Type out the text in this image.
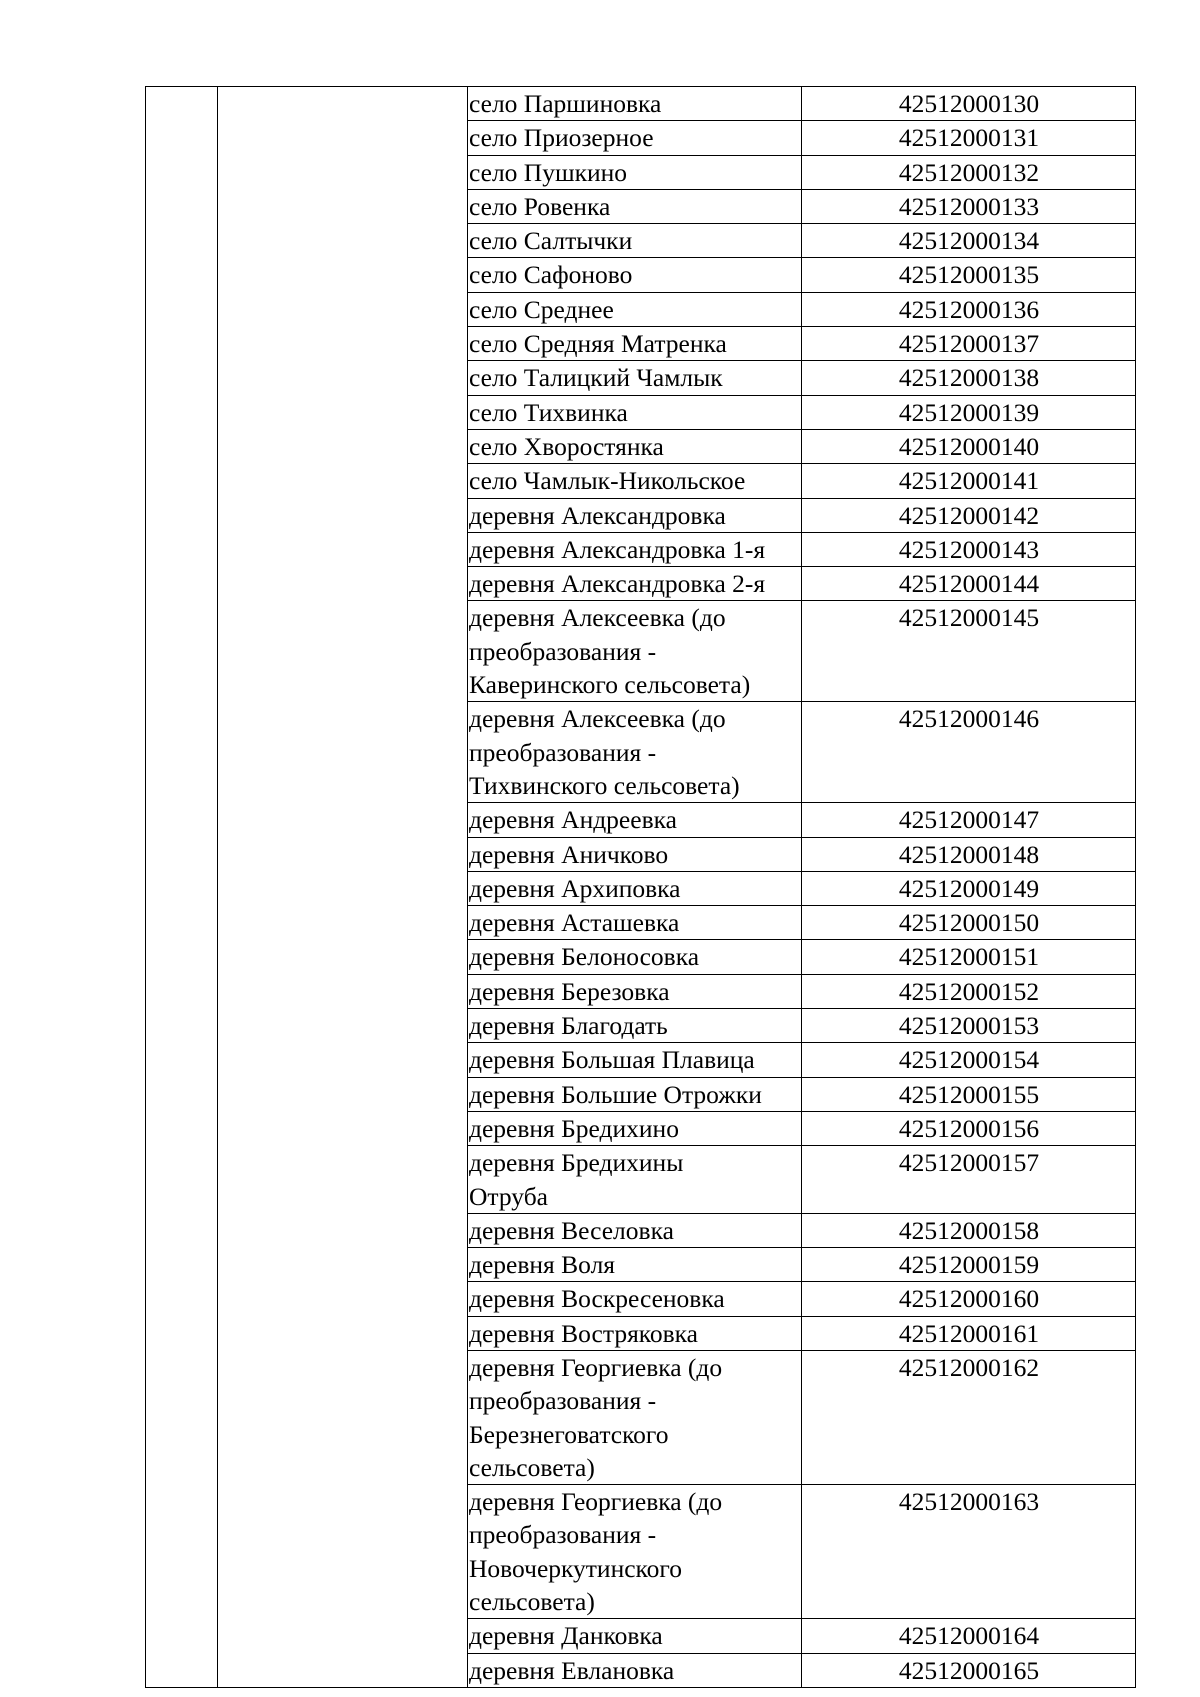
		село Паршиновка	42512000130
		село Приозерное	42512000131
		село Пушкино	42512000132
		село Ровенка	42512000133
		село Салтычки	42512000134
		село Сафоново	42512000135
		село Среднее	42512000136
		село Средняя Матренка	42512000137
		село Талицкий Чамлык	42512000138
		село Тихвинка	42512000139
		село Хворостянка	42512000140
		село Чамлык-Никольское	42512000141
		деревня Александровка	42512000142
		деревня Александровка 1-я	42512000143
		деревня Александровка 2-я	42512000144
		деревня Алексеевка (до
преобразования -
Каверинского сельсовета)	42512000145
		деревня Алексеевка (до
преобразования -
Тихвинского сельсовета)	42512000146
		деревня Андреевка	42512000147
		деревня Аничково	42512000148
		деревня Архиповка	42512000149
		деревня Асташевка	42512000150
		деревня Белоносовка	42512000151
		деревня Березовка	42512000152
		деревня Благодать	42512000153
		деревня Большая Плавица	42512000154
		деревня Большие Отрожки	42512000155
		деревня Бредихино	42512000156
		деревня Бредихины
Отруба	42512000157
		деревня Веселовка	42512000158
		деревня Воля	42512000159
		деревня Воскресеновка	42512000160
		деревня Востряковка	42512000161
		деревня Георгиевка (до
преобразования -
Березнеговатского
сельсовета)	42512000162
		деревня Георгиевка (до
преобразования -
Новочеркутинского
сельсовета)	42512000163
		деревня Данковка	42512000164
		деревня Евлановка	42512000165
